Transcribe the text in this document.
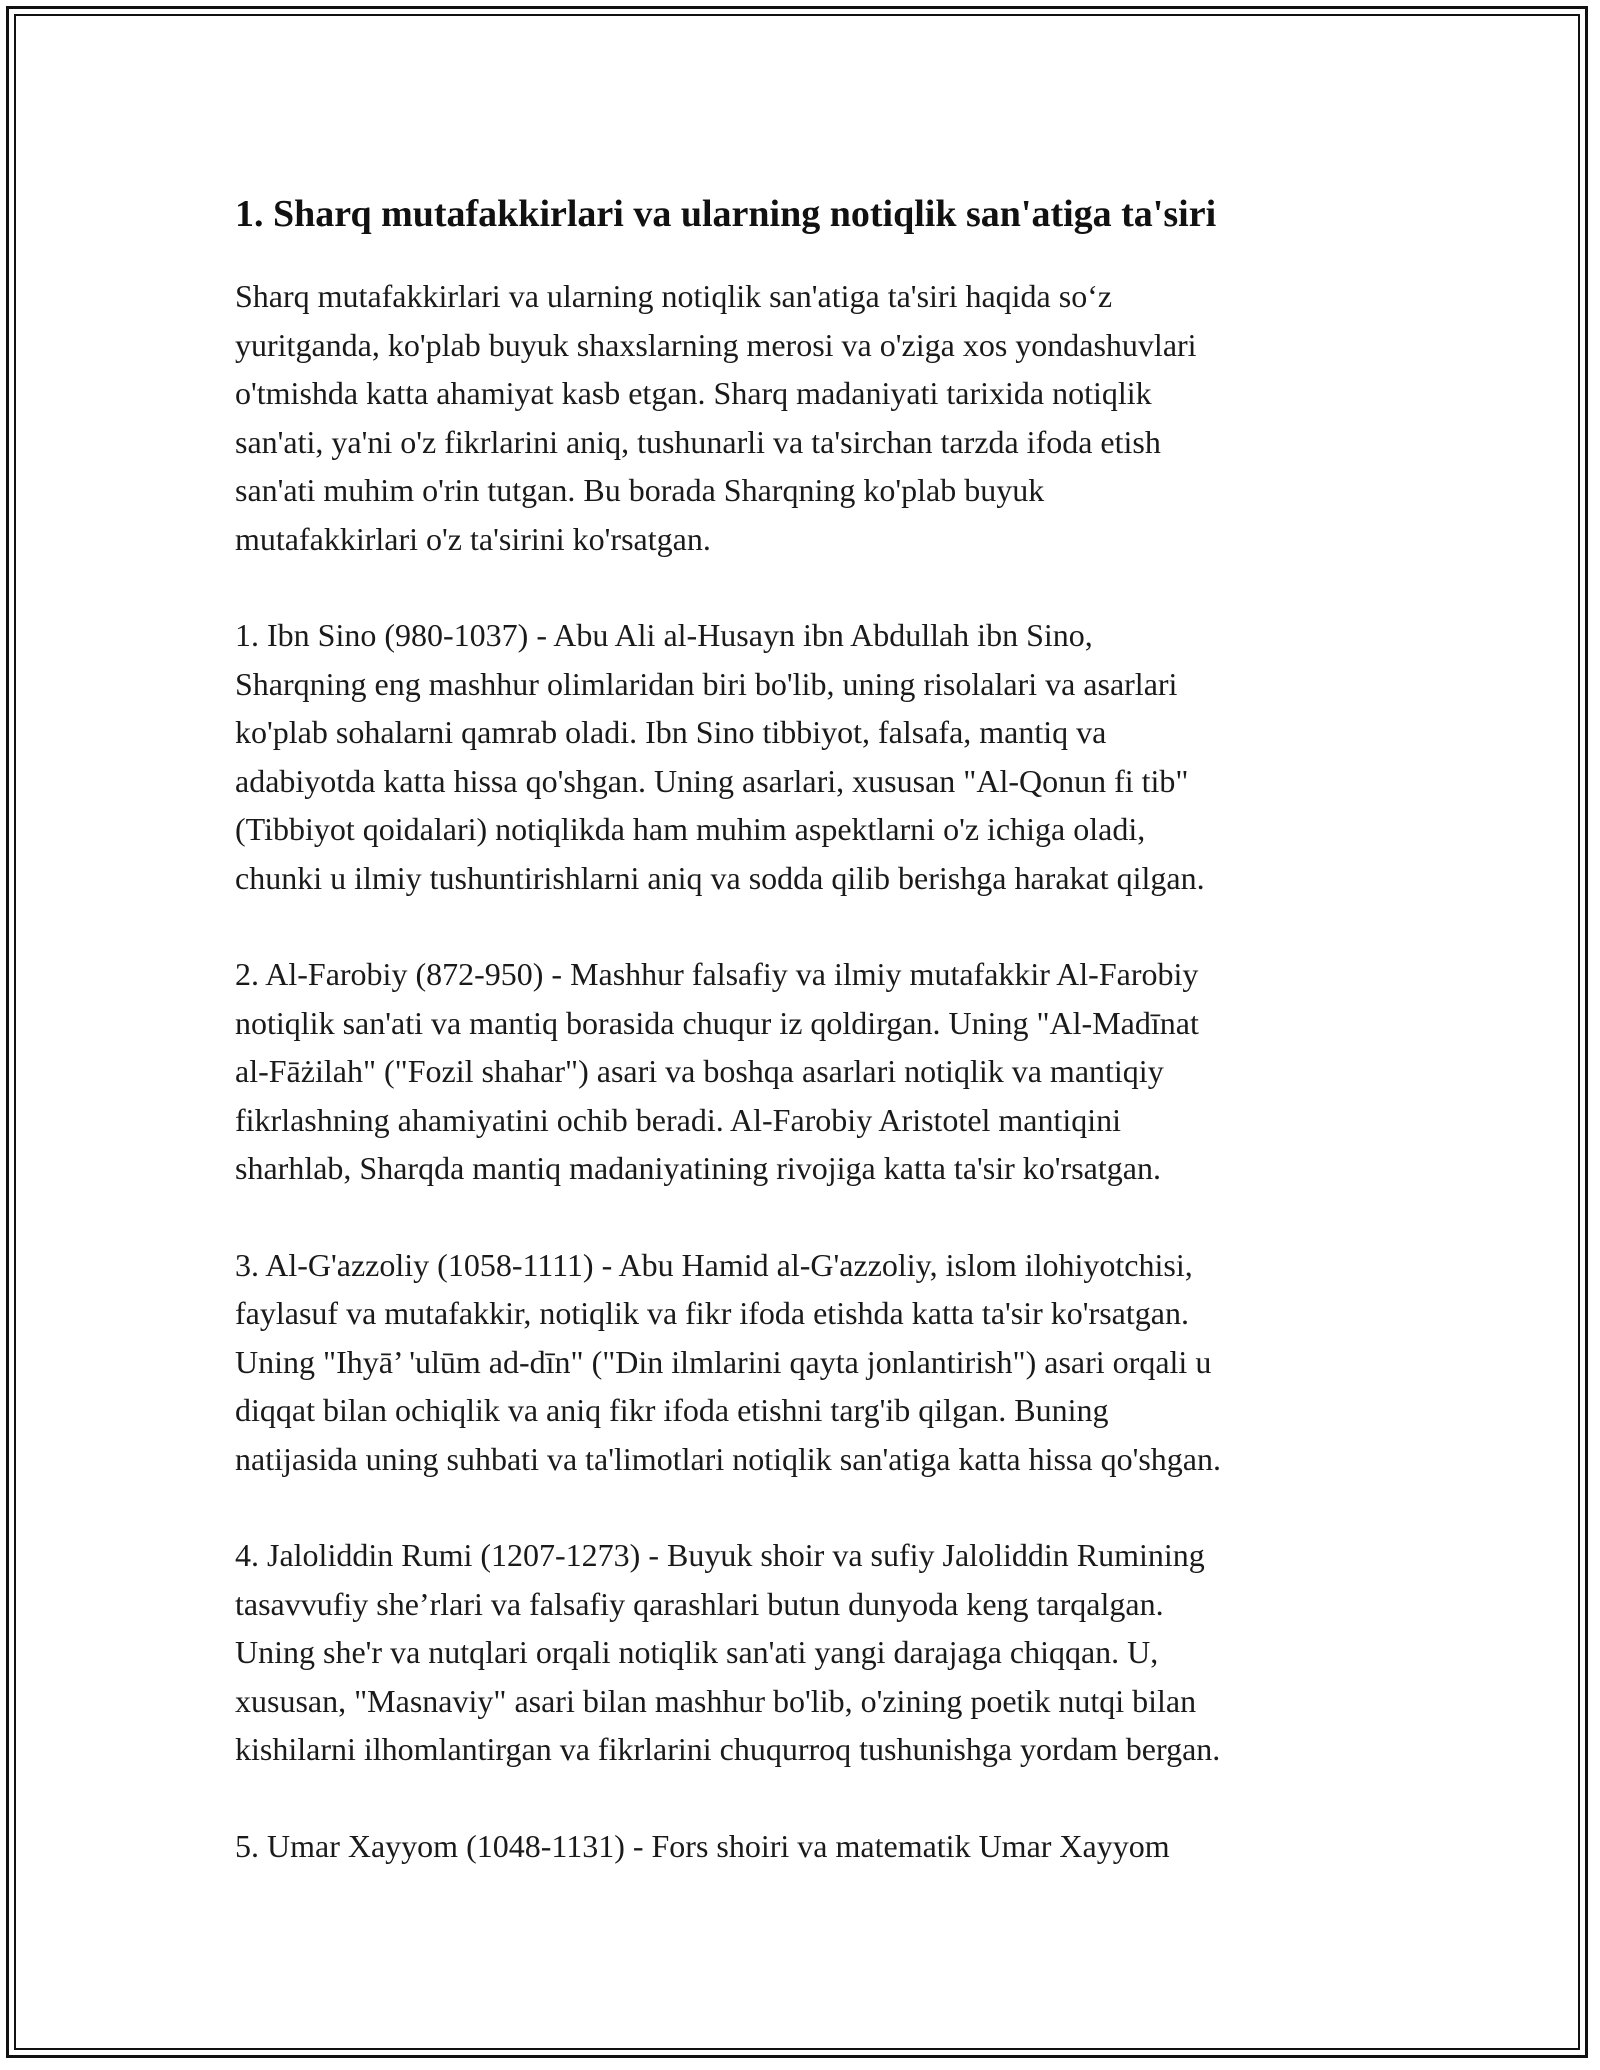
1. Sharq mutafakkirlari va ularning notiqlik san'atiga ta'siri

Sharq mutafakkirlari va ularning notiqlik san'atiga ta'siri haqida so‘z
yuritganda, ko'plab buyuk shaxslarning merosi va o'ziga xos yondashuvlari
o'tmishda katta ahamiyat kasb etgan. Sharq madaniyati tarixida notiqlik
san'ati, ya'ni o'z fikrlarini aniq, tushunarli va ta'sirchan tarzda ifoda etish
san'ati muhim o'rin tutgan. Bu borada Sharqning ko'plab buyuk
mutafakkirlari o'z ta'sirini ko'rsatgan.

1. Ibn Sino (980-1037) - Abu Ali al-Husayn ibn Abdullah ibn Sino,
Sharqning eng mashhur olimlaridan biri bo'lib, uning risolalari va asarlari
ko'plab sohalarni qamrab oladi. Ibn Sino tibbiyot, falsafa, mantiq va
adabiyotda katta hissa qo'shgan. Uning asarlari, xususan "Al-Qonun fi tib"
(Tibbiyot qoidalari) notiqlikda ham muhim aspektlarni o'z ichiga oladi,
chunki u ilmiy tushuntirishlarni aniq va sodda qilib berishga harakat qilgan.

2. Al-Farobiy (872-950) - Mashhur falsafiy va ilmiy mutafakkir Al-Farobiy
notiqlik san'ati va mantiq borasida chuqur iz qoldirgan. Uning "Al-Madīnat
al-Fāżilah" ("Fozil shahar") asari va boshqa asarlari notiqlik va mantiqiy
fikrlashning ahamiyatini ochib beradi. Al-Farobiy Aristotel mantiqini
sharhlab, Sharqda mantiq madaniyatining rivojiga katta ta'sir ko'rsatgan.

3. Al-G'azzoliy (1058-1111) - Abu Hamid al-G'azzoliy, islom ilohiyotchisi,
faylasuf va mutafakkir, notiqlik va fikr ifoda etishda katta ta'sir ko'rsatgan.
Uning "Ihyā’ 'ulūm ad-dīn" ("Din ilmlarini qayta jonlantirish") asari orqali u
diqqat bilan ochiqlik va aniq fikr ifoda etishni targ'ib qilgan. Buning
natijasida uning suhbati va ta'limotlari notiqlik san'atiga katta hissa qo'shgan.

4. Jaloliddin Rumi (1207-1273) - Buyuk shoir va sufiy Jaloliddin Rumining
tasavvufiy she’rlari va falsafiy qarashlari butun dunyoda keng tarqalgan.
Uning she'r va nutqlari orqali notiqlik san'ati yangi darajaga chiqqan. U,
xususan, "Masnaviy" asari bilan mashhur bo'lib, o'zining poetik nutqi bilan
kishilarni ilhomlantirgan va fikrlarini chuqurroq tushunishga yordam bergan.

5. Umar Xayyom (1048-1131) - Fors shoiri va matematik Umar Xayyom
